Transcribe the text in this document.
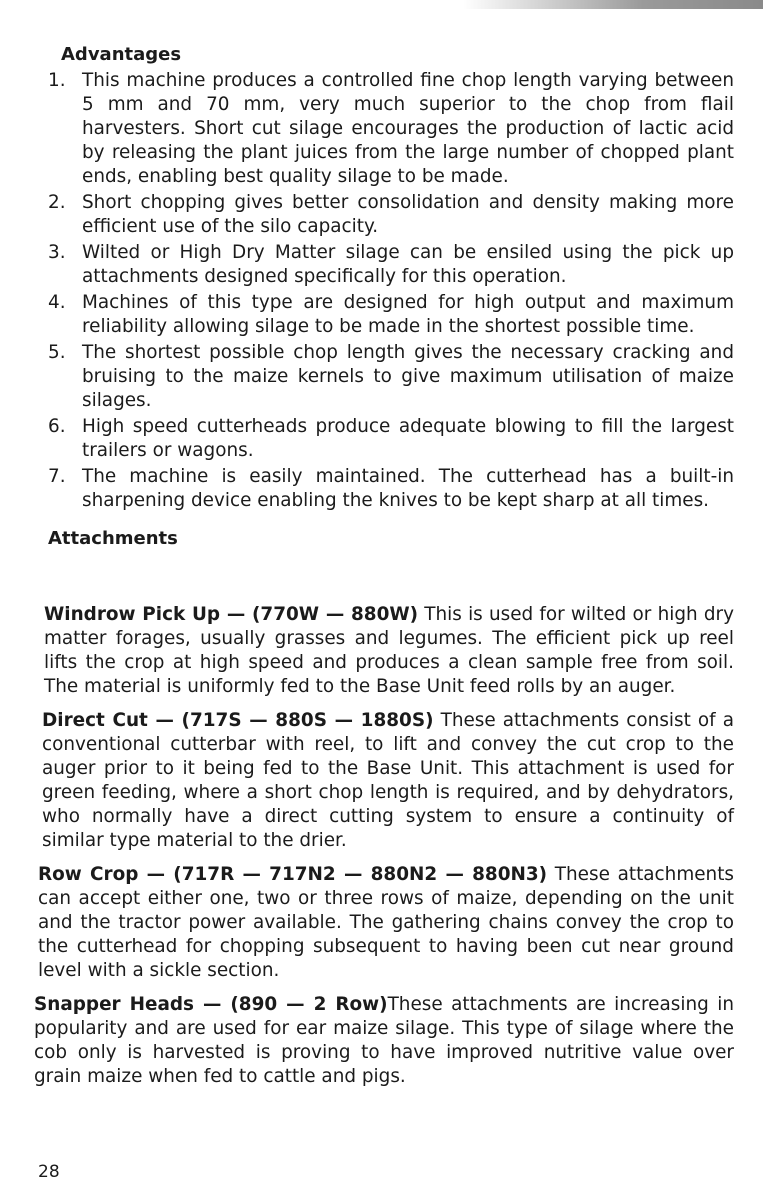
Advantages

1. This machine produces a controlled fine chop length varying between 5 mm and 70 mm, very much superior to the chop from flail harvesters. Short cut silage encourages the production of lactic acid by releasing the plant juices from the large number of chopped plant ends, enabling best quality silage to be made.
2. Short chopping gives better consolidation and density making more efficient use of the silo capacity.
3. Wilted or High Dry Matter silage can be ensiled using the pick up attachments designed specifically for this operation.
4. Machines of this type are designed for high output and maximum reliability allowing silage to be made in the shortest possible time.
5. The shortest possible chop length gives the necessary cracking and bruising to the maize kernels to give maximum utilisation of maize silages.
6. High speed cutterheads produce adequate blowing to fill the largest trailers or wagons.
7. The machine is easily maintained. The cutterhead has a built-in sharpening device enabling the knives to be kept sharp at all times.

Attachments

Windrow Pick Up — (770W — 880W) This is used for wilted or high dry matter forages, usually grasses and legumes. The efficient pick up reel lifts the crop at high speed and produces a clean sample free from soil. The material is uniformly fed to the Base Unit feed rolls by an auger.

Direct Cut — (717S — 880S — 1880S) These attachments consist of a conventional cutterbar with reel, to lift and convey the cut crop to the auger prior to it being fed to the Base Unit. This attachment is used for green feeding, where a short chop length is required, and by dehydrators, who normally have a direct cutting system to ensure a continuity of similar type material to the drier.

Row Crop — (717R — 717N2 — 880N2 — 880N3) These attachments can accept either one, two or three rows of maize, depending on the unit and the tractor power available. The gathering chains convey the crop to the cutterhead for chopping subsequent to having been cut near ground level with a sickle section.

Snapper Heads — (890 — 2 Row)These attachments are increasing in popularity and are used for ear maize silage. This type of silage where the cob only is harvested is proving to have improved nutritive value over grain maize when fed to cattle and pigs.

28
